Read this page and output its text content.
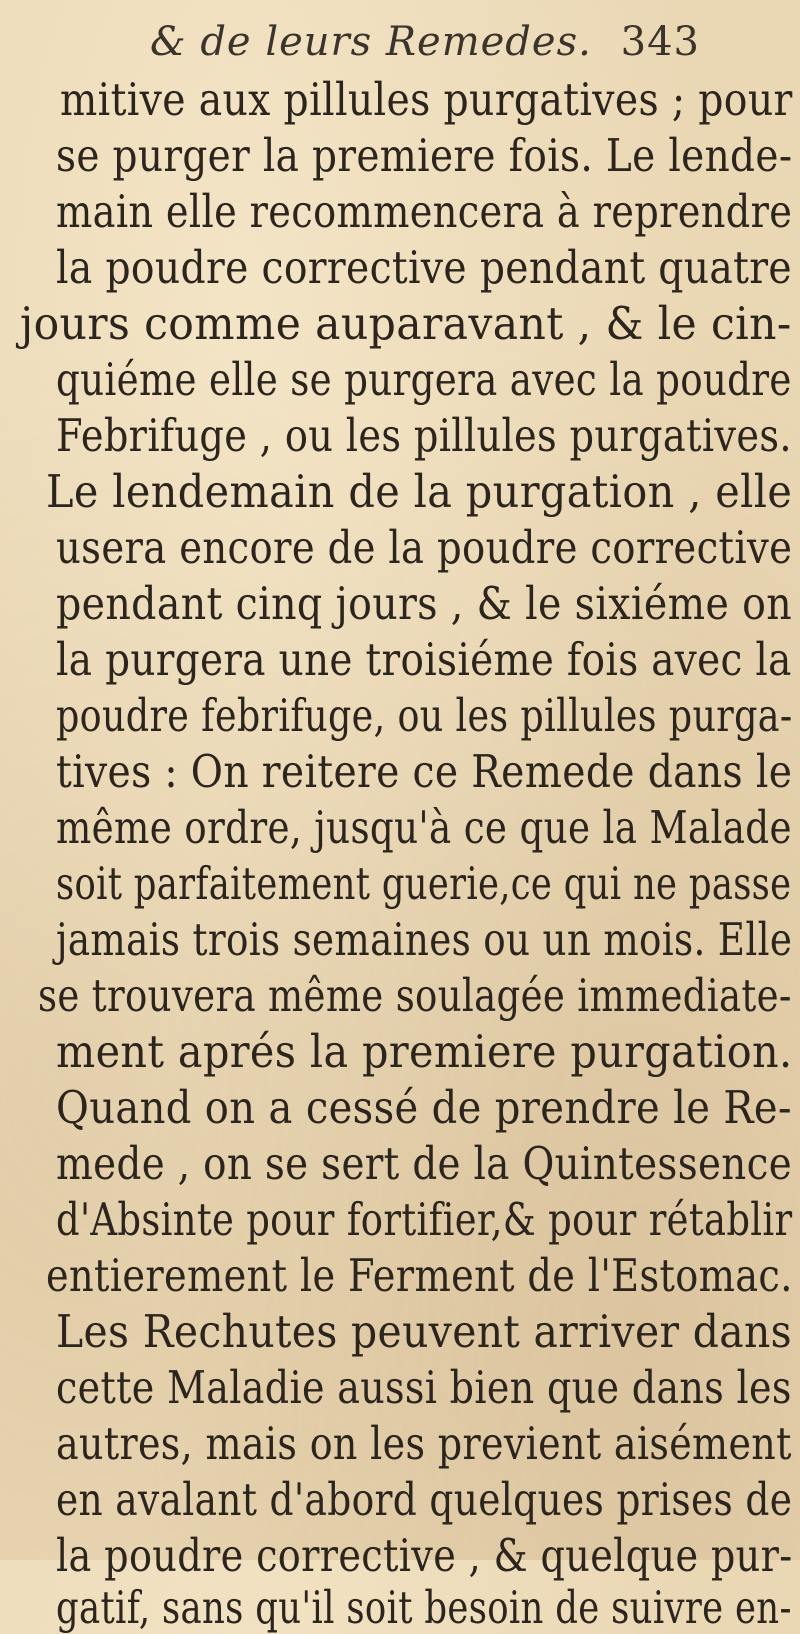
& de leurs Remedes. 343
mitive aux pillules purgatives ; pour
se purger la premiere fois. Le lende-
main elle recommencera à reprendre
la poudre corrective pendant quatre
jours comme auparavant , & le cin-
quiéme elle se purgera avec la poudre
Febrifuge , ou les pillules purgatives.
Le lendemain de la purgation , elle
usera encore de la poudre corrective
pendant cinq jours , & le sixiéme on
la purgera une troisiéme fois avec la
poudre febrifuge, ou les pillules purga-
tives : On reitere ce Remede dans le
même ordre, jusqu'à ce que la Malade
soit parfaitement guerie,ce qui ne passe
jamais trois semaines ou un mois. Elle
se trouvera même soulagée immediate-
ment aprés la premiere purgation.
Quand on a cessé de prendre le Re-
mede , on se sert de la Quintessence
d'Absinte pour fortifier,& pour rétablir
entierement le Ferment de l'Estomac.
Les Rechutes peuvent arriver dans
cette Maladie aussi bien que dans les
autres, mais on les previent aisément
en avalant d'abord quelques prises de
la poudre corrective , & quelque pur-
gatif, sans qu'il soit besoin de suivre en-
